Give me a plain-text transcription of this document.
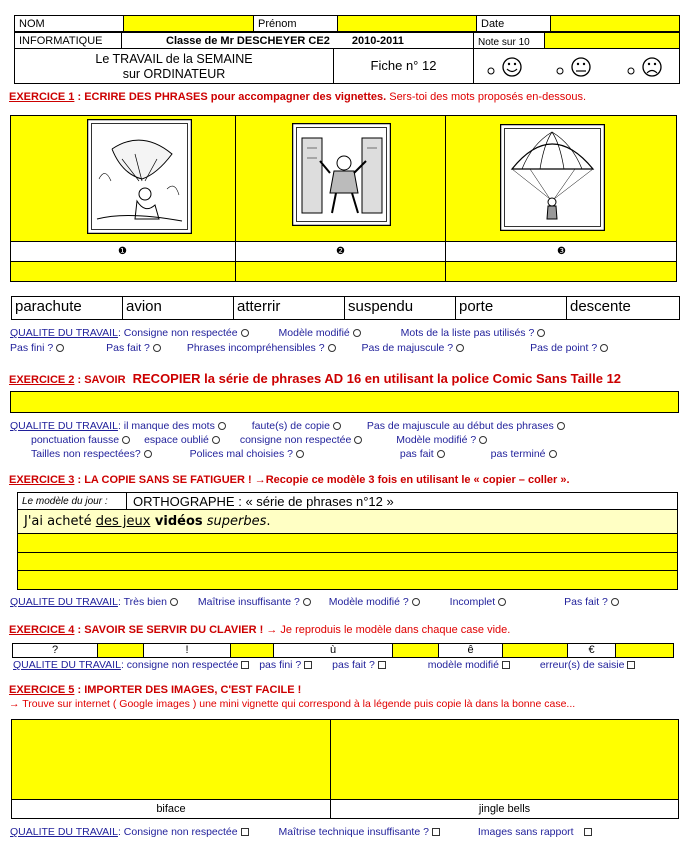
NOM		Prénom		Date	
INFORMATIQUE	Classe de Mr DESCHEYER CE2 2010-2011	Note sur 10
Le TRAVAIL de la SEMAINE
sur ORDINATEUR
Fiche n° 12
EXERCICE 1 : ECRIRE DES PHRASES pour accompagner des vignettes. Sers-toi des mots proposés en-dessous.
❶	❷	❸
parachute	avion	atterrir	suspendu	porte	descente
QUALITE DU TRAVAIL: Consigne non respectée	Modèle modifié	Mots de la liste pas utilisés ?
Pas fini ?	Pas fait ?	Phrases incompréhensibles ?	Pas de majuscule ?	Pas de point ?
EXERCICE 2 : SAVOIR RECOPIER la série de phrases AD 16 en utilisant la police Comic Sans Taille 12
QUALITE DU TRAVAIL: il manque des mots	faute(s) de copie	Pas de majuscule au début des phrases
ponctuation fausse espace oublié	consigne non respectée	Modèle modifié ?
Tailles non respectées?	Polices mal choisies ?	pas fait	pas terminé
EXERCICE 3 : LA COPIE SANS SE FATIGUER ! →Recopie ce modèle 3 fois en utilisant le « copier – coller ».
Le modèle du jour :	ORTHOGRAPHE : « série de phrases n°12 »
J'ai acheté des jeux vidéos superbes.
QUALITE DU TRAVAIL: Très bien	Maîtrise insuffisante ?	Modèle modifié ?	Incomplet	Pas fait ?
EXERCICE 4 : SAVOIR SE SERVIR DU CLAVIER ! → Je reproduis le modèle dans chaque case vide.
?	!	ù	ê	€
QUALITE DU TRAVAIL: consigne non respectée pas fini ?	pas fait ?	modèle modifié	erreur(s) de saisie
EXERCICE 5 : IMPORTER DES IMAGES, C'EST FACILE !
→ Trouve sur internet ( Google images ) une mini vignette qui correspond à la légende puis copie là dans la bonne case...
biface	jingle bells
QUALITE DU TRAVAIL: Consigne non respectée	Maîtrise technique insuffisante ?	Images sans rapport
